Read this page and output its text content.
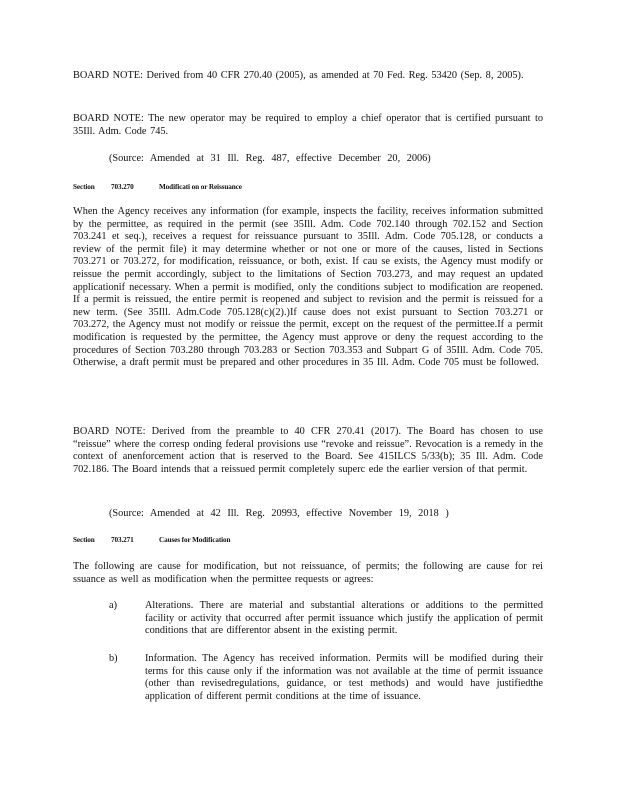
BOARD NOTE: Derived from 40 CFR 270.40 (2005), as amended at 70 Fed. Reg. 53420 (Sep. 8, 2005).

BOARD NOTE: The new operator may be required to employ a chief operator that is certified pursuant to 35Ill. Adm. Code 745.

(Source: Amended at 31 Ill. Reg. 487, effective December 20, 2006)

Section 703.270	Modificati on or Reissuance

When the Agency receives any information (for example, inspects the facility, receives information submitted by the permittee, as required in the permit (see 35Ill. Adm. Code 702.140 through 702.152 and Section 703.241 et seq.), receives a request for reissuance pursuant to 35Ill. Adm. Code 705.128, or conducts a review of the permit file) it may determine whether or not one or more of the causes, listed in Sections 703.271 or 703.272, for modification, reissuance, or both, exist. If cau se exists, the Agency must modify or reissue the permit accordingly, subject to the limitations of Section 703.273, and may request an updated applicationif necessary. When a permit is modified, only the conditions subject to modification are reopened. If a permit is reissued, the entire permit is reopened and subject to revision and the permit is reissued for a new term. (See 35Ill. Adm.Code 705.128(c)(2).)If cause does not exist pursuant to Section 703.271 or 703.272, the Agency must not modify or reissue the permit, except on the request of the permittee.If a permit modification is requested by the permittee, the Agency must approve or deny the request according to the procedures of Section 703.280 through 703.283 or Section 703.353 and Subpart G of 35Ill. Adm. Code 705. Otherwise, a draft permit must be prepared and other procedures in 35 Ill. Adm. Code 705 must be followed.

BOARD NOTE: Derived from the preamble to 40 CFR 270.41 (2017). The Board has chosen to use “reissue” where the corresp onding federal provisions use “revoke and reissue”. Revocation is a remedy in the context of anenforcement action that is reserved to the Board. See 415ILCS 5/33(b); 35 Ill. Adm. Code 702.186. The Board intends that a reissued permit completely superc ede the earlier version of that permit.

(Source: Amended at 42 Ill. Reg. 20993, effective November 19, 2018 )

Section 703.271	Causes for Modification

The following are cause for modification, but not reissuance, of permits; the following are cause for rei ssuance as well as modification when the permittee requests or agrees:

a)	Alterations. There are material and substantial alterations or additions to the permitted facility or activity that occurred after permit issuance which justify the application of permit conditions that are differentor absent in the existing permit.
b)	Information. The Agency has received information. Permits will be modified during their terms for this cause only if the information was not available at the time of permit issuance (other than revisedregulations, guidance, or test methods) and would have justifiedthe application of different permit conditions at the time of issuance.
